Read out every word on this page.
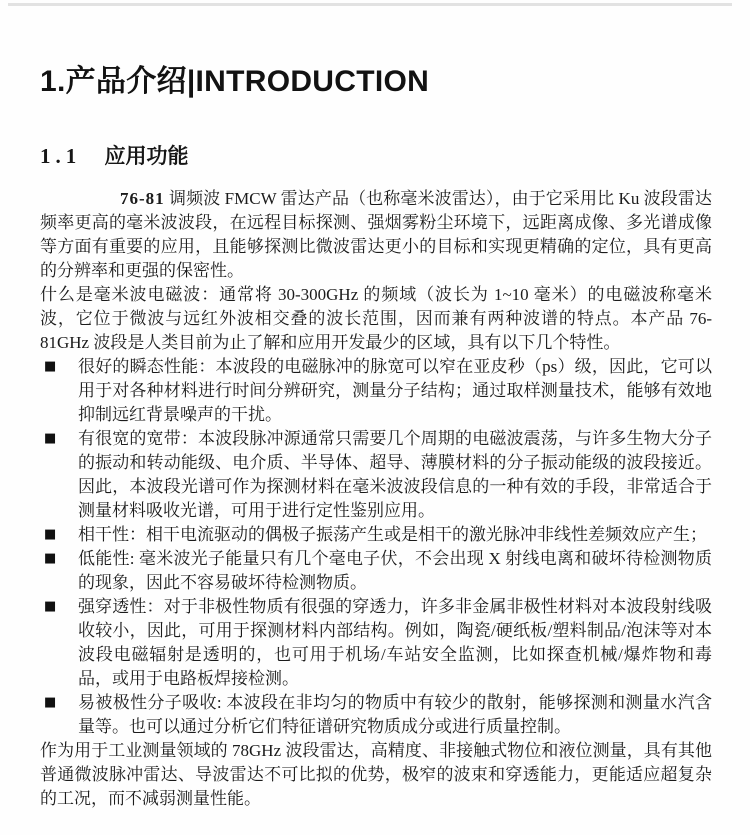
1.产品介绍|INTRODUCTION
1.1 应用功能

76-81 调频波 FMCW 雷达产品（也称毫米波雷达），由于它采用比 Ku 波段雷达频率更高的毫米波波段，在远程目标探测、强烟雾粉尘环境下，远距离成像、多光谱成像等方面有重要的应用，且能够探测比微波雷达更小的目标和实现更精确的定位，具有更高的分辨率和更强的保密性。

什么是毫米波电磁波：通常将 30-300GHz 的频域（波长为 1~10 毫米）的电磁波称毫米波，它位于微波与远红外波相交叠的波长范围，因而兼有两种波谱的特点。本产品 76-81GHz 波段是人类目前为止了解和应用开发最少的区域，具有以下几个特性。

■ 很好的瞬态性能：本波段的电磁脉冲的脉宽可以窄在亚皮秒（ps）级，因此，它可以用于对各种材料进行时间分辨研究，测量分子结构；通过取样测量技术，能够有效地抑制远红背景噪声的干扰。
■ 有很宽的宽带：本波段脉冲源通常只需要几个周期的电磁波震荡，与许多生物大分子的振动和转动能级、电介质、半导体、超导、薄膜材料的分子振动能级的波段接近。因此，本波段光谱可作为探测材料在毫米波波段信息的一种有效的手段，非常适合于测量材料吸收光谱，可用于进行定性鉴别应用。
■ 相干性：相干电流驱动的偶极子振荡产生或是相干的激光脉冲非线性差频效应产生；
■ 低能性: 毫米波光子能量只有几个毫电子伏，不会出现 X 射线电离和破坏待检测物质的现象，因此不容易破坏待检测物质。
■ 强穿透性：对于非极性物质有很强的穿透力，许多非金属非极性材料对本波段射线吸收较小，因此，可用于探测材料内部结构。例如，陶瓷/硬纸板/塑料制品/泡沫等对本波段电磁辐射是透明的，也可用于机场/车站安全监测，比如探查机械/爆炸物和毒品，或用于电路板焊接检测。
■ 易被极性分子吸收: 本波段在非均匀的物质中有较少的散射，能够探测和测量水汽含量等。也可以通过分析它们特征谱研究物质成分或进行质量控制。

作为用于工业测量领域的 78GHz 波段雷达，高精度、非接触式物位和液位测量，具有其他普通微波脉冲雷达、导波雷达不可比拟的优势，极窄的波束和穿透能力，更能适应超复杂的工况，而不减弱测量性能。
